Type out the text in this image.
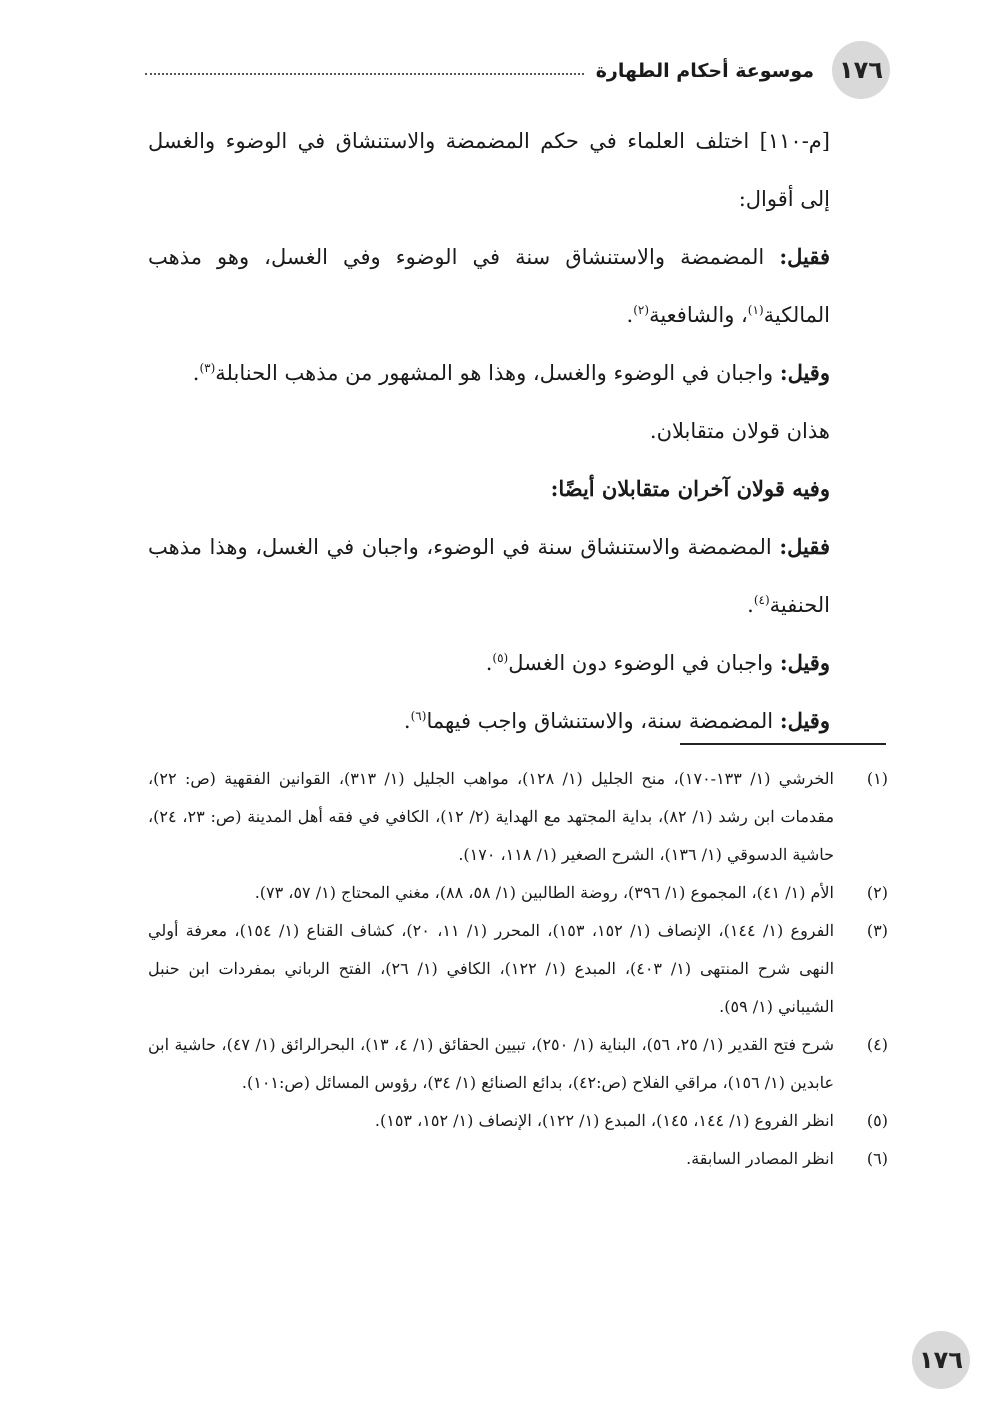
١٧٦
موسوعة أحكام الطهارة

[م-١١٠] اختلف العلماء في حكم المضمضة والاستنشاق في الوضوء والغسل إلى أقوال:

فقيل: المضمضة والاستنشاق سنة في الوضوء وفي الغسل، وهو مذهب المالكية$^{(١)}$، والشافعية$^{(٢)}$.

وقيل: واجبان في الوضوء والغسل، وهذا هو المشهور من مذهب الحنابلة$^{(٣)}$.

هذان قولان متقابلان.

وفيه قولان آخران متقابلان أيضًا:

فقيل: المضمضة والاستنشاق سنة في الوضوء، واجبان في الغسل، وهذا مذهب الحنفية$^{(٤)}$.

وقيل: واجبان في الوضوء دون الغسل$^{(٥)}$.

وقيل: المضمضة سنة، والاستنشاق واجب فيهما$^{(٦)}$.

(١)
الخرشي (١/ ١٣٣-١٧٠)، منح الجليل (١/ ١٢٨)، مواهب الجليل (١/ ٣١٣)، القوانين الفقهية (ص: ٢٢)، مقدمات ابن رشد (١/ ٨٢)، بداية المجتهد مع الهداية (٢/ ١٢)، الكافي في فقه أهل المدينة (ص: ٢٣، ٢٤)، حاشية الدسوقي (١/ ١٣٦)، الشرح الصغير (١/ ١١٨، ١٧٠).
(٢)
الأم (١/ ٤١)، المجموع (١/ ٣٩٦)، روضة الطالبين (١/ ٥٨، ٨٨)، مغني المحتاج (١/ ٥٧، ٧٣).
(٣)
الفروع (١/ ١٤٤)، الإنصاف (١/ ١٥٢، ١٥٣)، المحرر (١/ ١١، ٢٠)، كشاف القناع (١/ ١٥٤)، معرفة أولي النهى شرح المنتهى (١/ ٤٠٣)، المبدع (١/ ١٢٢)، الكافي (١/ ٢٦)، الفتح الرباني بمفردات ابن حنبل الشيباني (١/ ٥٩).
(٤)
شرح فتح القدير (١/ ٢٥، ٥٦)، البناية (١/ ٢٥٠)، تبيين الحقائق (١/ ٤، ١٣)، البحرالرائق (١/ ٤٧)، حاشية ابن عابدين (١/ ١٥٦)، مراقي الفلاح (ص:٤٢)، بدائع الصنائع (١/ ٣٤)، رؤوس المسائل (ص:١٠١).
(٥)
انظر الفروع (١/ ١٤٤، ١٤٥)، المبدع (١/ ١٢٢)، الإنصاف (١/ ١٥٢، ١٥٣).
(٦)
انظر المصادر السابقة.
١٧٦
